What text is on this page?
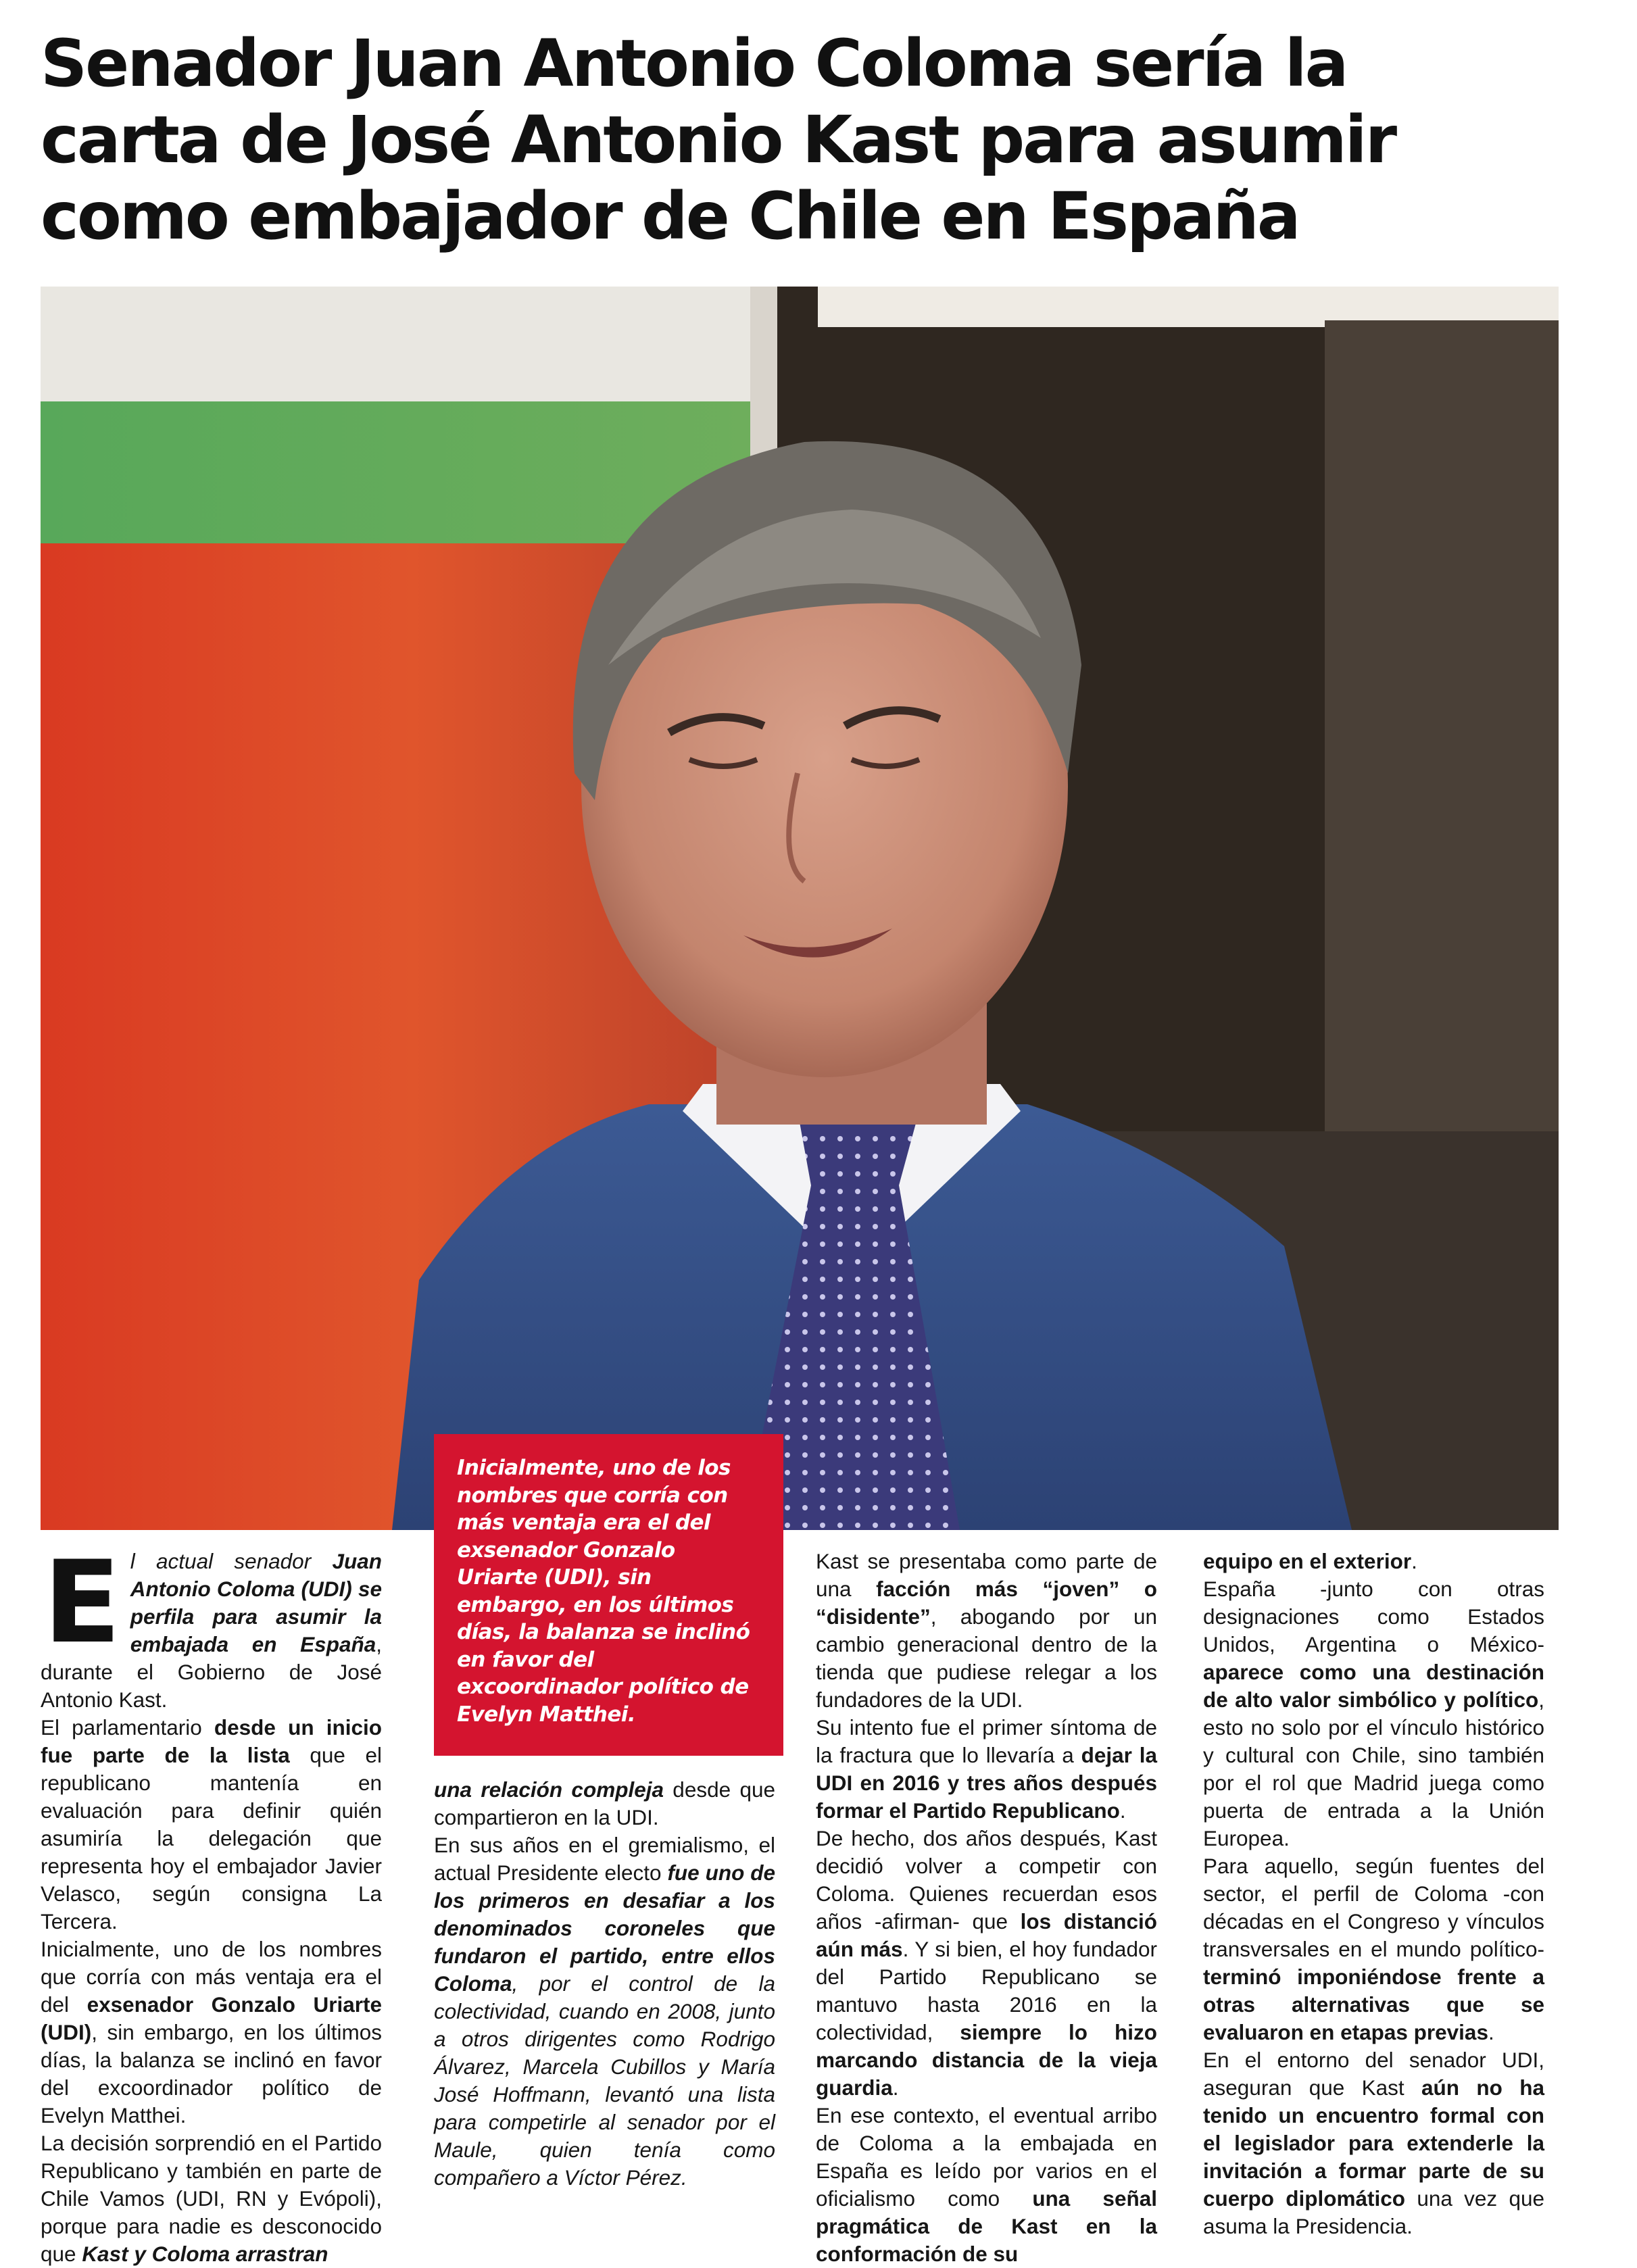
Senador Juan Antonio Coloma sería la
carta de José Antonio Kast para asumir
como embajador de Chile en España

Inicialmente, uno de los nombres que corría con más ventaja era el del exsenador Gonzalo Uriarte (UDI), sin embargo, en los últimos días, la balanza se inclinó en favor del excoordinador político de Evelyn Matthei.

E l actual senador Juan Antonio Coloma (UDI) se perfila para asumir la embajada en España, durante el Gobierno de José Antonio Kast.

El parlamentario desde un inicio fue parte de la lista que el republicano mantenía en evaluación para definir quién asumiría la delegación que representa hoy el embajador Javier Velasco, según consigna La Tercera.

Inicialmente, uno de los nombres que corría con más ventaja era el del exsenador Gonzalo Uriarte (UDI), sin embargo, en los últimos días, la balanza se inclinó en favor del excoordinador político de Evelyn Matthei.

La decisión sorprendió en el Partido Republicano y también en parte de Chile Vamos (UDI, RN y Evópoli), porque para nadie es desconocido que Kast y Coloma arrastran

una relación compleja desde que compartieron en la UDI.

En sus años en el gremialismo, el actual Presidente electo fue uno de los primeros en desafiar a los denominados coroneles que fundaron el partido, entre ellos Coloma, por el control de la colectividad, cuando en 2008, junto a otros dirigentes como Rodrigo Álvarez, Marcela Cubillos y María José Hoffmann, levantó una lista para competirle al senador por el Maule, quien tenía como compañero a Víctor Pérez.

Kast se presentaba como parte de una facción más “joven” o “disidente”, abogando por un cambio generacional dentro de la tienda que pudiese relegar a los fundadores de la UDI.

Su intento fue el primer síntoma de la fractura que lo llevaría a dejar la UDI en 2016 y tres años después formar el Partido Republicano.

De hecho, dos años después, Kast decidió volver a competir con Coloma. Quienes recuerdan esos años -afirman- que los distanció aún más. Y si bien, el hoy fundador del Partido Republicano se mantuvo hasta 2016 en la colectividad, siempre lo hizo marcando distancia de la vieja guardia.

En ese contexto, el eventual arribo de Coloma a la embajada en España es leído por varios en el oficialismo como una señal pragmática de Kast en la conformación de su

equipo en el exterior.

España -junto con otras designaciones como Estados Unidos, Argentina o México- aparece como una destinación de alto valor simbólico y político, esto no solo por el vínculo histórico y cultural con Chile, sino también por el rol que Madrid juega como puerta de entrada a la Unión Europea.

Para aquello, según fuentes del sector, el perfil de Coloma -con décadas en el Congreso y vínculos transversales en el mundo político- terminó imponiéndose frente a otras alternativas que se evaluaron en etapas previas.

En el entorno del senador UDI, aseguran que Kast aún no ha tenido un encuentro formal con el legislador para extenderle la invitación a formar parte de su cuerpo diplomático una vez que asuma la Presidencia.
